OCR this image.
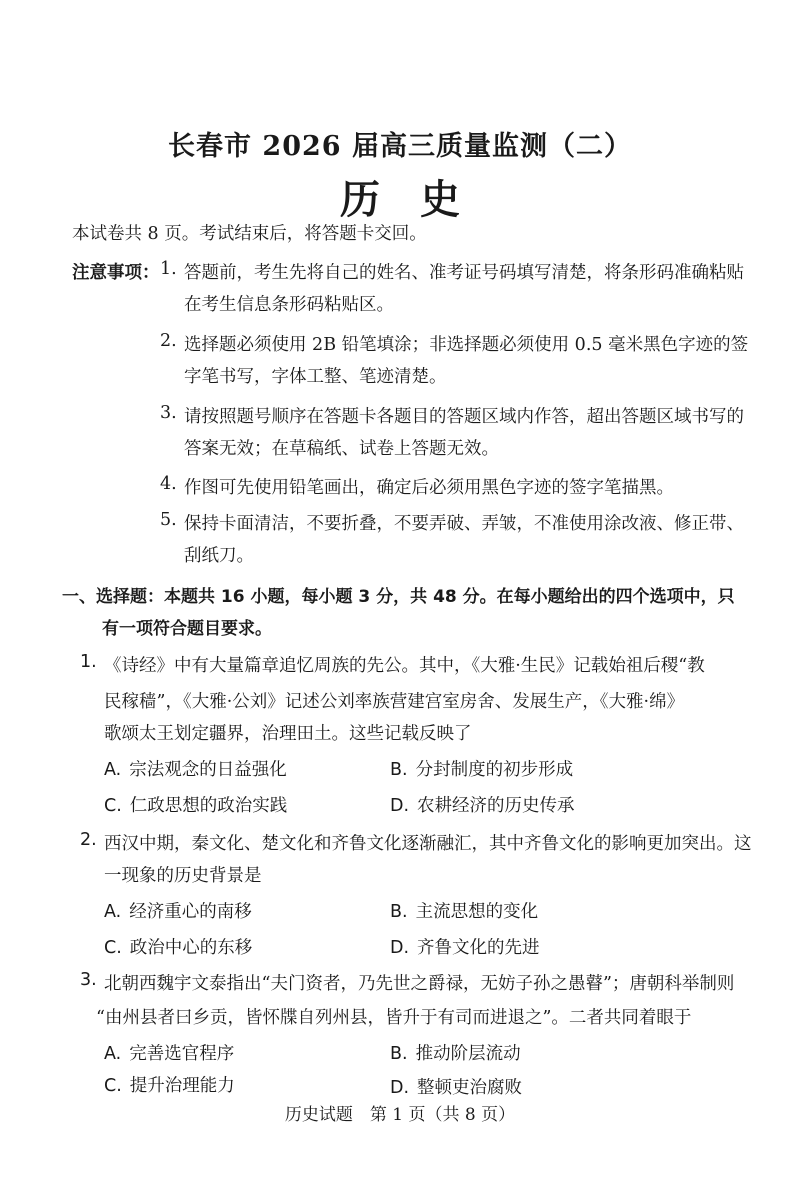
长春市 2026 届高三质量监测（二）
历史
本试卷共 8 页。考试结束后，将答题卡交回。
注意事项： 1. 答题前，考生先将自己的姓名、准考证号码填写清楚，将条形码准确粘贴
在考生信息条形码粘贴区。
2. 选择题必须使用 2B 铅笔填涂；非选择题必须使用 0.5 毫米黑色字迹的签
字笔书写，字体工整、笔迹清楚。
3. 请按照题号顺序在答题卡各题目的答题区域内作答，超出答题区域书写的
答案无效；在草稿纸、试卷上答题无效。
4. 作图可先使用铅笔画出，确定后必须用黑色字迹的签字笔描黑。
5. 保持卡面清洁，不要折叠，不要弄破、弄皱，不准使用涂改液、修正带、
刮纸刀。
一、选择题：本题共 16 小题，每小题 3 分，共 48 分。在每小题给出的四个选项中，只
有一项符合题目要求。
1. 《诗经》中有大量篇章追忆周族的先公。其中，《大雅·生民》记载始祖后稷“教
民稼穑”，《大雅·公刘》记述公刘率族营建宫室房舍、发展生产，《大雅·绵》
歌颂太王划定疆界，治理田土。这些记载反映了
A. 宗法观念的日益强化	B. 分封制度的初步形成
C. 仁政思想的政治实践	D. 农耕经济的历史传承
2. 西汉中期，秦文化、楚文化和齐鲁文化逐渐融汇，其中齐鲁文化的影响更加突出。这
一现象的历史背景是
A. 经济重心的南移	B. 主流思想的变化
C. 政治中心的东移	D. 齐鲁文化的先进
3. 北朝西魏宇文泰指出“夫门资者，乃先世之爵禄，无妨子孙之愚瞽”；唐朝科举制则
“由州县者曰乡贡，皆怀牒自列州县，皆升于有司而进退之”。二者共同着眼于
A. 完善选官程序	B. 推动阶层流动
C. 提升治理能力	D. 整顿吏治腐败
历史试题　第 1 页（共 8 页）
